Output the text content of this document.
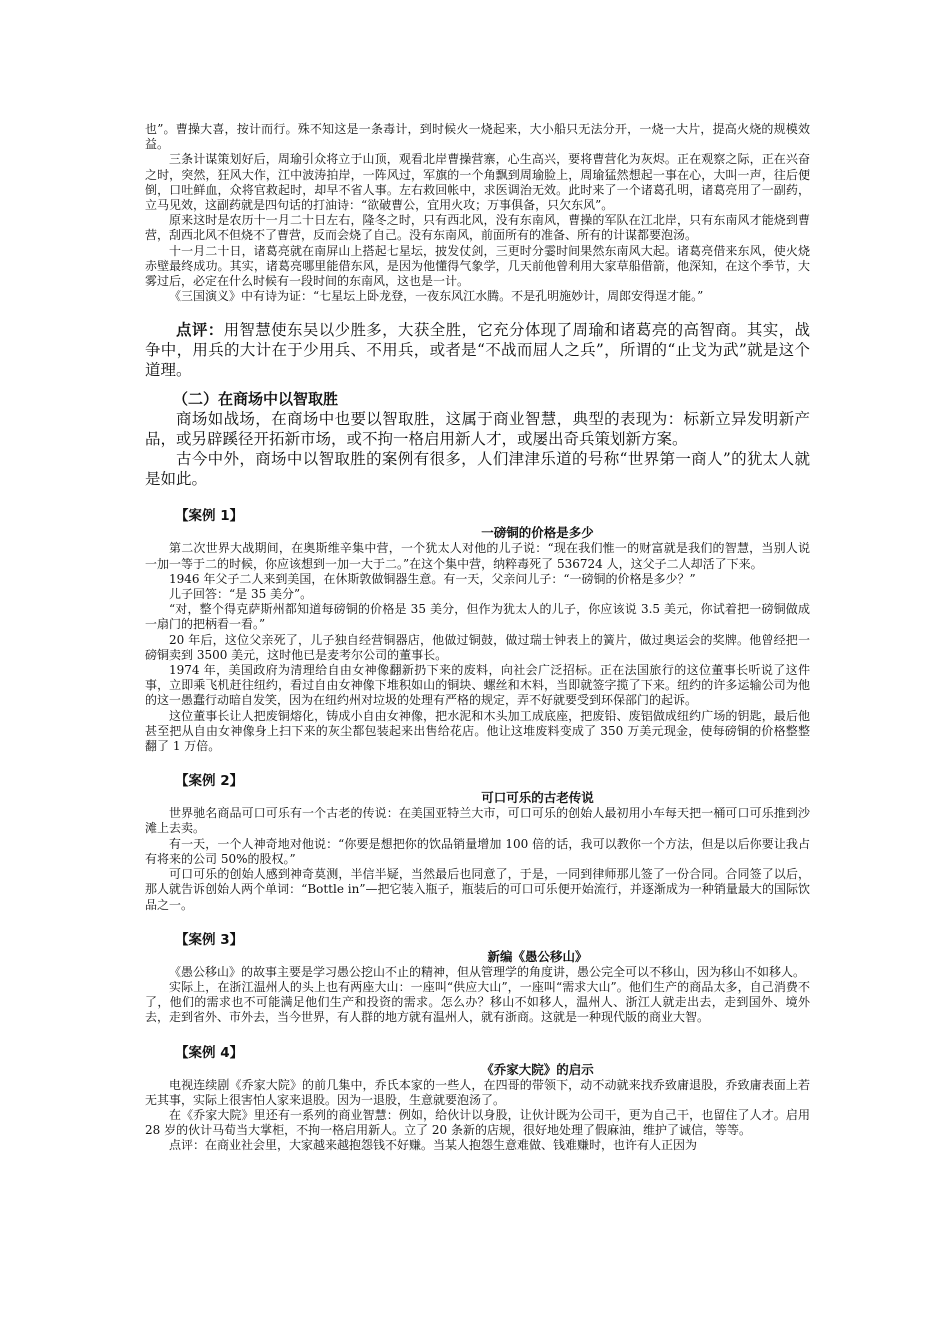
也”。曹操大喜，按计而行。殊不知这是一条毒计，到时候火一烧起来，大小船只无法分开，一烧一大片，提高火烧的规模效益。

三条计谋策划好后，周瑜引众将立于山顶，观看北岸曹操营寨，心生高兴，要将曹营化为灰烬。正在观察之际，正在兴奋之时，突然，狂风大作，江中波涛拍岸，一阵风过，军旗的一个角飘到周瑜脸上，周瑜猛然想起一事在心，大叫一声，往后便倒，口吐鲜血，众将官救起时，却早不省人事。左右救回帐中，求医调治无效。此时来了一个诸葛孔明，诸葛亮用了一副药，立马见效，这副药就是四句话的打油诗：“欲破曹公，宜用火攻；万事俱备，只欠东风”。

原来这时是农历十一月二十日左右，隆冬之时，只有西北风，没有东南风，曹操的军队在江北岸，只有东南风才能烧到曹营，刮西北风不但烧不了曹营，反而会烧了自己。没有东南风，前面所有的准备、所有的计谋都要泡汤。

十一月二十日，诸葛亮就在南屏山上搭起七星坛，披发仗剑，三更时分霎时间果然东南风大起。诸葛亮借来东风，使火烧赤壁最终成功。其实，诸葛亮哪里能借东风，是因为他懂得气象学，几天前他曾利用大家草船借箭，他深知，在这个季节，大雾过后，必定在什么时候有一段时间的东南风，这也是一计。

《三国演义》中有诗为证：“七星坛上卧龙登，一夜东风江水腾。不是孔明施妙计，周郎安得逞才能。”

点评：用智慧使东吴以少胜多，大获全胜，它充分体现了周瑜和诸葛亮的高智商。其实，战争中，用兵的大计在于少用兵、不用兵，或者是“不战而屈人之兵”，所谓的“止戈为武”就是这个道理。

（二）在商场中以智取胜

商场如战场，在商场中也要以智取胜，这属于商业智慧，典型的表现为：标新立异发明新产品，或另辟蹊径开拓新市场，或不拘一格启用新人才，或屡出奇兵策划新方案。

古今中外，商场中以智取胜的案例有很多，人们津津乐道的号称“世界第一商人”的犹太人就是如此。

【案例 1】

一磅铜的价格是多少

第二次世界大战期间，在奥斯维辛集中营，一个犹太人对他的儿子说：“现在我们惟一的财富就是我们的智慧，当别人说一加一等于二的时候，你应该想到一加一大于二。”在这个集中营，纳粹毒死了 536724 人，这父子二人却活了下来。

1946 年父子二人来到美国，在休斯敦做铜器生意。有一天，父亲问儿子：“一磅铜的价格是多少？”

儿子回答：“是 35 美分”。

“对，整个得克萨斯州都知道每磅铜的价格是 35 美分，但作为犹太人的儿子，你应该说 3.5 美元，你试着把一磅铜做成一扇门的把柄看一看。”

20 年后，这位父亲死了，儿子独自经营铜器店，他做过铜鼓，做过瑞士钟表上的簧片，做过奥运会的奖牌。他曾经把一磅铜卖到 3500 美元，这时他已是麦考尔公司的董事长。

1974 年，美国政府为清理给自由女神像翻新扔下来的废料，向社会广泛招标。正在法国旅行的这位董事长听说了这件事，立即乘飞机赶往纽约，看过自由女神像下堆积如山的铜块、螺丝和木料，当即就签字揽了下来。纽约的许多运输公司为他的这一愚蠢行动暗自发笑，因为在纽约州对垃圾的处理有严格的规定，弄不好就要受到环保部门的起诉。

这位董事长让人把废铜熔化，铸成小自由女神像，把水泥和木头加工成底座，把废铅、废铝做成纽约广场的钥匙，最后他甚至把从自由女神像身上扫下来的灰尘都包装起来出售给花店。他让这堆废料变成了 350 万美元现金，使每磅铜的价格整整翻了 1 万倍。

【案例 2】

可口可乐的古老传说

世界驰名商品可口可乐有一个古老的传说：在美国亚特兰大市，可口可乐的创始人最初用小车每天把一桶可口可乐推到沙滩上去卖。

有一天，一个人神奇地对他说：“你要是想把你的饮品销量增加 100 倍的话，我可以教你一个方法，但是以后你要让我占有将来的公司 50%的股权。”

可口可乐的创始人感到神奇莫测，半信半疑，当然最后也同意了，于是，一同到律师那儿签了一份合同。合同签了以后，那人就告诉创始人两个单词：“Bottle in”—把它装入瓶子，瓶装后的可口可乐便开始流行，并逐渐成为一种销量最大的国际饮品之一。

【案例 3】

新编《愚公移山》

《愚公移山》的故事主要是学习愚公挖山不止的精神，但从管理学的角度讲，愚公完全可以不移山，因为移山不如移人。

实际上，在浙江温州人的头上也有两座大山：一座叫“供应大山”，一座叫“需求大山”。他们生产的商品太多，自己消费不了，他们的需求也不可能满足他们生产和投资的需求。怎么办？移山不如移人，温州人、浙江人就走出去，走到国外、境外去，走到省外、市外去，当今世界，有人群的地方就有温州人，就有浙商。这就是一种现代版的商业大智。

【案例 4】

《乔家大院》的启示

电视连续剧《乔家大院》的前几集中，乔氏本家的一些人，在四哥的带领下，动不动就来找乔致庸退股，乔致庸表面上若无其事，实际上很害怕人家来退股。因为一退股，生意就要泡汤了。

在《乔家大院》里还有一系列的商业智慧：例如，给伙计以身股，让伙计既为公司干，更为自己干，也留住了人才。启用 28 岁的伙计马荀当大掌柜，不拘一格启用新人。立了 20 条新的店规，很好地处理了假麻油，维护了诚信，等等。

点评：在商业社会里，大家越来越抱怨钱不好赚。当某人抱怨生意难做、钱难赚时，也许有人正因为
